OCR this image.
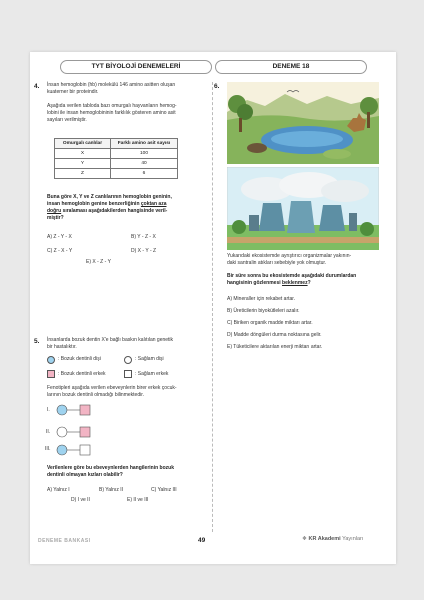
TYT BİYOLOJİ DENEMELERİ	DENEME 18
4. İnsan hemoglobin (hb) molekülü 146 amino asitten oluşan
kuaterner bir proteindir.
Aşağıda verilen tabloda bazı omurgalı hayvanların hemog-
lobini ile insan hemoglobininin farklılık gösteren amino asit
sayıları verilmiştir.
Omurgalı canlılar	Farklı amino asit sayısı
X	100
Y	40
Z	6
Buna göre X, Y ve Z canlılarının hemoglobin geninin,
insan hemoglobin genine benzerliğinin çoktan aza
doğru sıralaması aşağıdakilerden hangisinde veril-
miştir?
A) Z - Y - X	B) Y - Z - X
C) Z - X - Y	D) X - Y - Z
E) X - Z - Y
5. İnsanlarda bozuk dentin X'e bağlı baskın kalıtılan genetik
bir hastalıktır.
: Bozuk dentinli dişi	: Sağlam dişi
: Bozuk dentinli erkek	: Sağlam erkek
Fenotipleri aşağıda verilen ebeveynlerin birer erkek çocuk-
larının bozuk dentinli olmadığı bilinmektedir.
I.
II.
III.
Verilenlere göre bu ebeveynlerden hangilerinin bozuk
dentinli olmayan kızları olabilir?
A) Yalnız I	B) Yalnız II	C) Yalnız III
D) I ve II	E) II ve III
6.
Yukarıdaki ekosistemde ayrıştırıcı organizmalar yakının-
daki santralin atıkları sebebiyle yok olmuştur.
Bir süre sonra bu ekosistemde aşağıdaki durumlardan
hangisinin gözlenmesi beklenmez?
A) Mineraller için rekabet artar.
B) Üreticilerin biyokütleleri azalır.
C) Biriken organik madde miktarı artar.
D) Madde döngüleri durma noktasına gelir.
E) Tüketicilere aktarılan enerji miktarı artar.
DENEME BANKASI	49	❖ KR Akademi Yayınları
